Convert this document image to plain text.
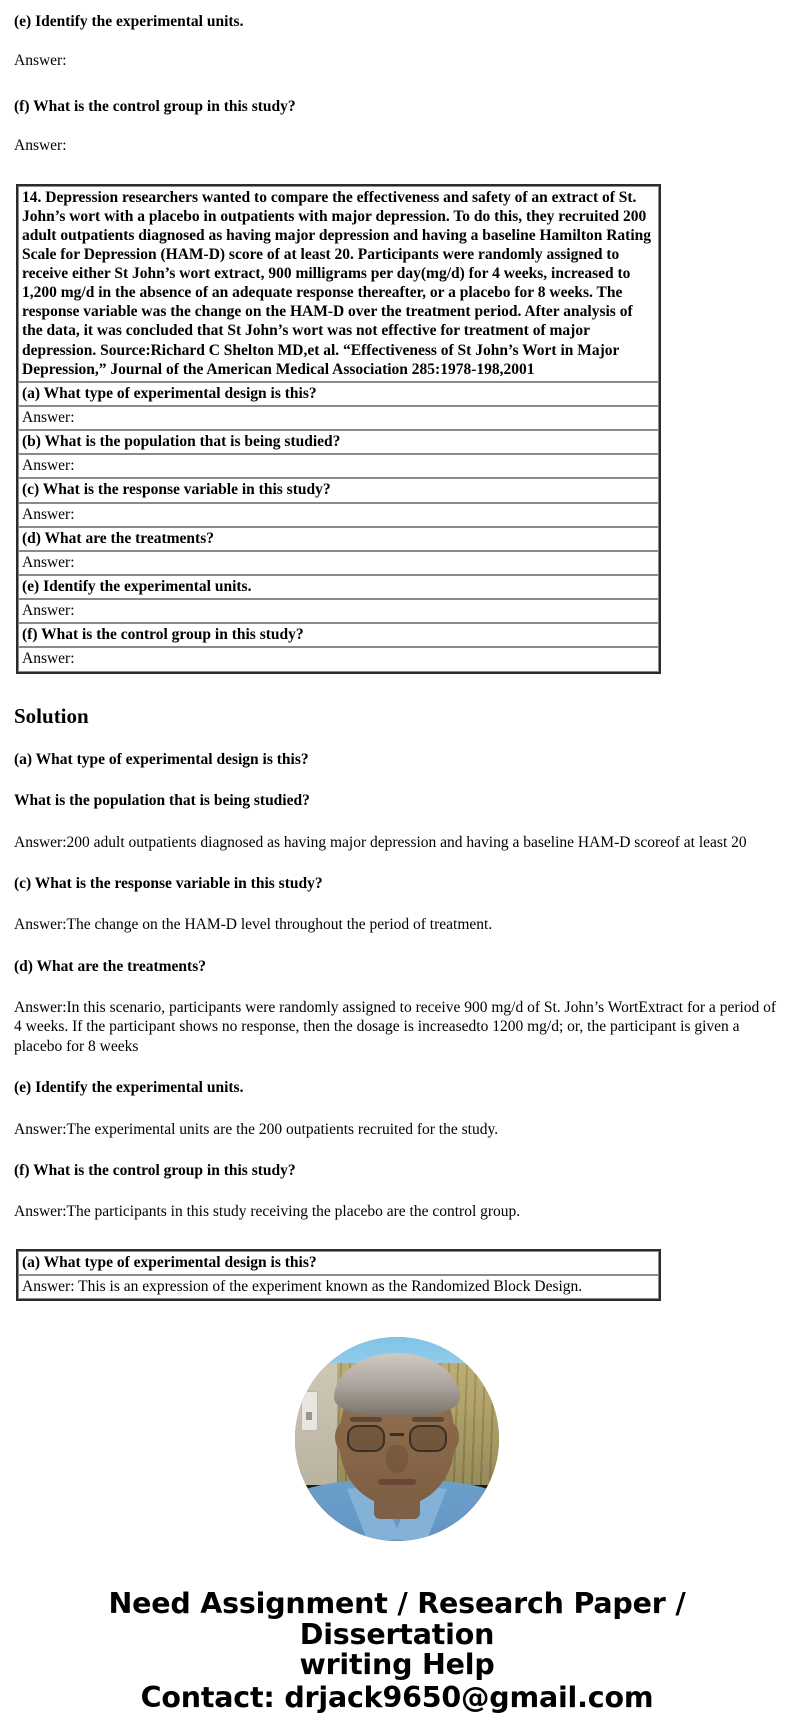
(e) Identify the experimental units.

Answer:

(f) What is the control group in this study?

Answer:

14. Depression researchers wanted to compare the effectiveness and safety of an extract of St. John’s wort with a placebo in outpatients with major depression. To do this, they recruited 200 adult outpatients diagnosed as having major depression and having a baseline Hamilton Rating Scale for Depression (HAM-D) score of at least 20. Participants were randomly assigned to receive either St John’s wort extract, 900 milligrams per day(mg/d) for 4 weeks, increased to 1,200 mg/d in the absence of an adequate response thereafter, or a placebo for 8 weeks. The response variable was the change on the HAM-D over the treatment period. After analysis of the data, it was concluded that St John’s wort was not effective for treatment of major depression. Source:Richard C Shelton MD,et al. “Effectiveness of St John’s Wort in Major Depression,” Journal of the American Medical Association 285:1978-198,2001
(a) What type of experimental design is this?
Answer:
(b) What is the population that is being studied?
Answer:
(c) What is the response variable in this study?
Answer:
(d) What are the treatments?
Answer:
(e) Identify the experimental units.
Answer:
(f) What is the control group in this study?
Answer:
Solution

(a) What type of experimental design is this?

What is the population that is being studied?

Answer:200 adult outpatients diagnosed as having major depression and having a baseline HAM-D scoreof at least 20

(c) What is the response variable in this study?

Answer:The change on the HAM-D level throughout the period of treatment.

(d) What are the treatments?

Answer:In this scenario, participants were randomly assigned to receive 900 mg/d of St. John’s WortExtract for a period of 4 weeks. If the participant shows no response, then the dosage is increasedto 1200 mg/d; or, the participant is given a placebo for 8 weeks

(e) Identify the experimental units.

Answer:The experimental units are the 200 outpatients recruited for the study.

(f) What is the control group in this study?

Answer:The participants in this study receiving the placebo are the control group.

(a) What type of experimental design is this?
Answer: This is an expression of the experiment known as the Randomized Block Design.
Need Assignment / Research Paper / Dissertation
writing Help
Contact: drjack9650@gmail.com
